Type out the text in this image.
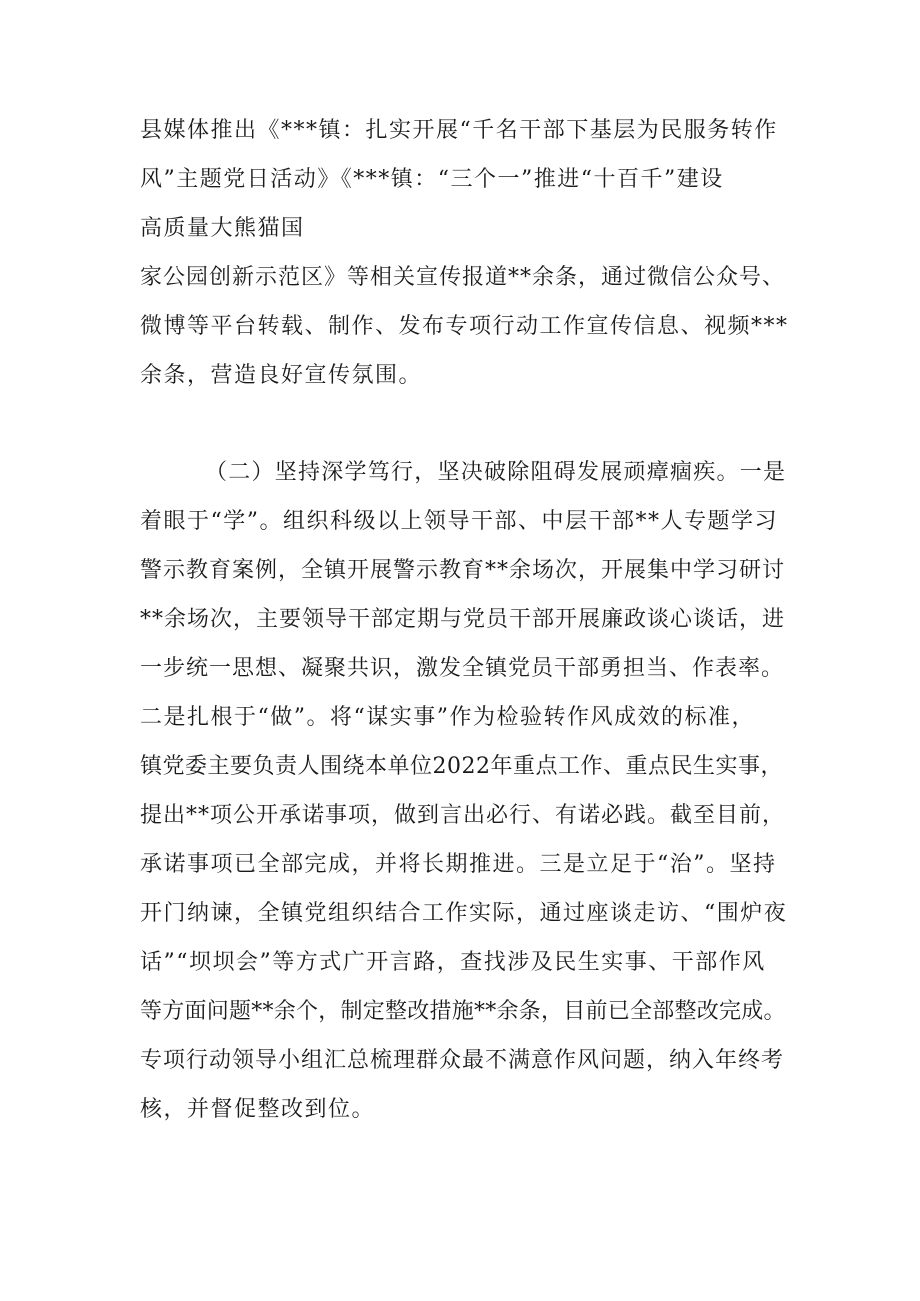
县媒体推出《***镇：扎实开展“千名干部下基层为民服务转作
风”主题党日活动》《***镇：“三个一”推进“十百千”建设
高质量大熊猫国
家公园创新示范区》等相关宣传报道**余条，通过微信公众号、
微博等平台转载、制作、发布专项行动工作宣传信息、视频***
余条，营造良好宣传氛围。
（二）坚持深学笃行，坚决破除阻碍发展顽瘴痼疾。一是
着眼于“学”。组织科级以上领导干部、中层干部**人专题学习
警示教育案例，全镇开展警示教育**余场次，开展集中学习研讨
**余场次，主要领导干部定期与党员干部开展廉政谈心谈话，进
一步统一思想、凝聚共识，激发全镇党员干部勇担当、作表率。
二是扎根于“做”。将“谋实事”作为检验转作风成效的标准，
镇党委主要负责人围绕本单位2022年重点工作、重点民生实事，
提出**项公开承诺事项，做到言出必行、有诺必践。截至目前，
承诺事项已全部完成，并将长期推进。三是立足于“治”。坚持
开门纳谏，全镇党组织结合工作实际，通过座谈走访、“围炉夜
话”“坝坝会”等方式广开言路，查找涉及民生实事、干部作风
等方面问题**余个，制定整改措施**余条，目前已全部整改完成。
专项行动领导小组汇总梳理群众最不满意作风问题，纳入年终考
核，并督促整改到位。
